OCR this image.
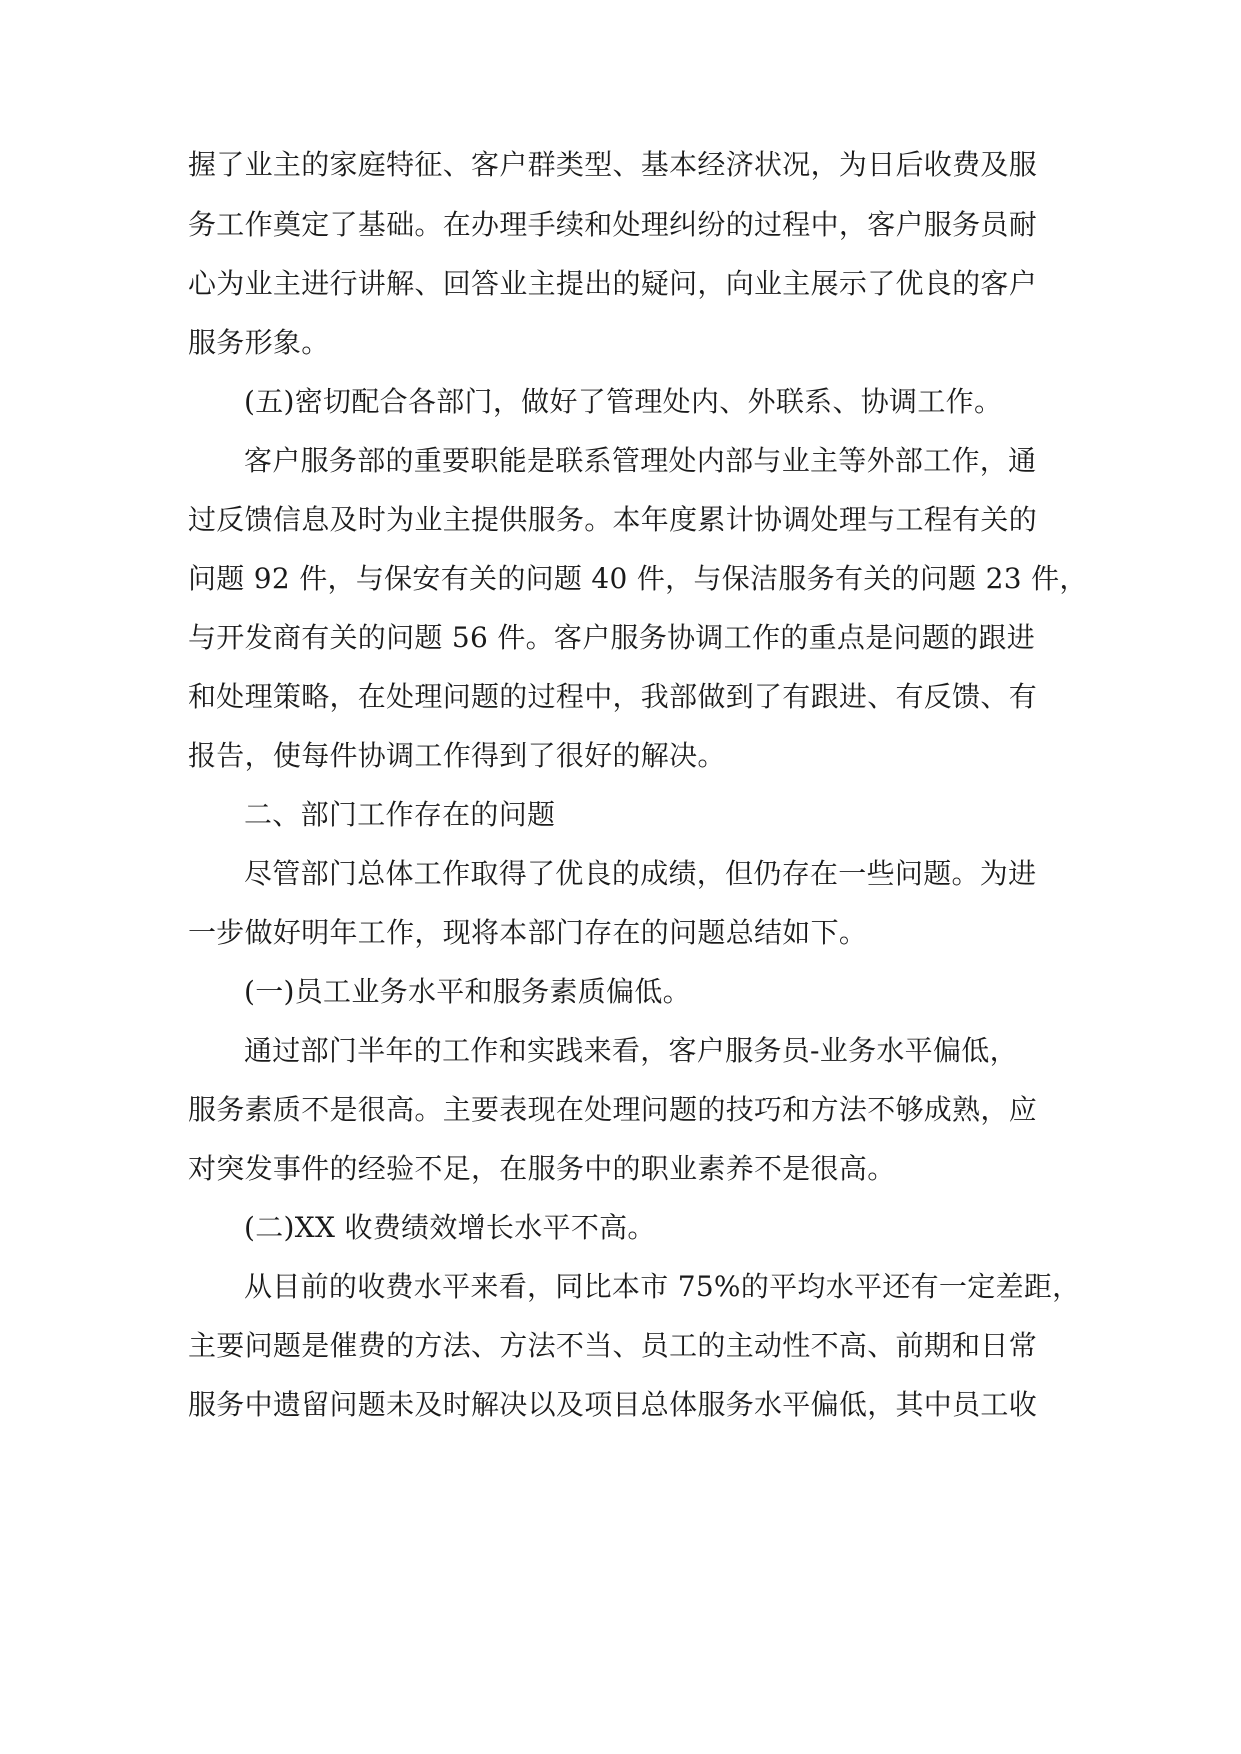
握了业主的家庭特征、客户群类型、基本经济状况，为日后收费及服
务工作奠定了基础。在办理手续和处理纠纷的过程中，客户服务员耐
心为业主进行讲解、回答业主提出的疑问，向业主展示了优良的客户
服务形象。
(五)密切配合各部门，做好了管理处内、外联系、协调工作。
客户服务部的重要职能是联系管理处内部与业主等外部工作，通
过反馈信息及时为业主提供服务。本年度累计协调处理与工程有关的
问题 92 件，与保安有关的问题 40 件，与保洁服务有关的问题 23 件，
与开发商有关的问题 56 件。客户服务协调工作的重点是问题的跟进
和处理策略，在处理问题的过程中，我部做到了有跟进、有反馈、有
报告，使每件协调工作得到了很好的解决。
二、部门工作存在的问题
尽管部门总体工作取得了优良的成绩，但仍存在一些问题。为进
一步做好明年工作，现将本部门存在的问题总结如下。
(一)员工业务水平和服务素质偏低。
通过部门半年的工作和实践来看，客户服务员-业务水平偏低，
服务素质不是很高。主要表现在处理问题的技巧和方法不够成熟，应
对突发事件的经验不足，在服务中的职业素养不是很高。
(二)XX 收费绩效增长水平不高。
从目前的收费水平来看，同比本市 75%的平均水平还有一定差距，
主要问题是催费的方法、方法不当、员工的主动性不高、前期和日常
服务中遗留问题未及时解决以及项目总体服务水平偏低，其中员工收
